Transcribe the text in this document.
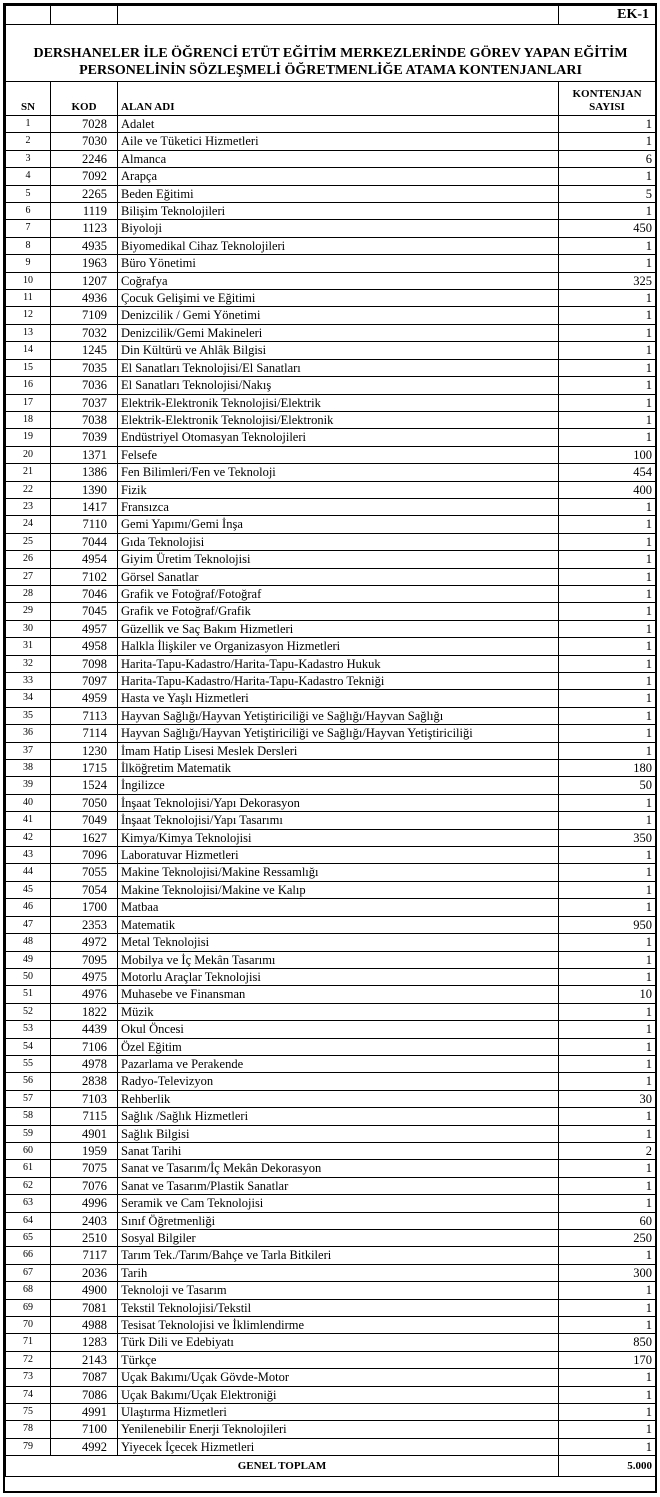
			EK-1
DERSHANELER İLE ÖĞRENCİ ETÜT EĞİTİM MERKEZLERİNDE GÖREV YAPAN EĞİTİM
PERSONELİNİN SÖZLEŞMELİ ÖĞRETMENLİĞE ATAMA KONTENJANLARI			
SN	KOD	ALAN ADI	KONTENJAN
SAYISI
1	7028	Adalet	1
2	7030	Aile ve Tüketici Hizmetleri	1
3	2246	Almanca	6
4	7092	Arapça	1
5	2265	Beden Eğitimi	5
6	1119	Bilişim Teknolojileri	1
7	1123	Biyoloji	450
8	4935	Biyomedikal Cihaz Teknolojileri	1
9	1963	Büro Yönetimi	1
10	1207	Coğrafya	325
11	4936	Çocuk Gelişimi ve Eğitimi	1
12	7109	Denizcilik / Gemi Yönetimi	1
13	7032	Denizcilik/Gemi Makineleri	1
14	1245	Din Kültürü ve Ahlâk Bilgisi	1
15	7035	El Sanatları Teknolojisi/El Sanatları	1
16	7036	El Sanatları Teknolojisi/Nakış	1
17	7037	Elektrik-Elektronik Teknolojisi/Elektrik	1
18	7038	Elektrik-Elektronik Teknolojisi/Elektronik	1
19	7039	Endüstriyel Otomasyan Teknolojileri	1
20	1371	Felsefe	100
21	1386	Fen Bilimleri/Fen ve Teknoloji	454
22	1390	Fizik	400
23	1417	Fransızca	1
24	7110	Gemi Yapımı/Gemi İnşa	1
25	7044	Gıda Teknolojisi	1
26	4954	Giyim Üretim Teknolojisi	1
27	7102	Görsel Sanatlar	1
28	7046	Grafik ve Fotoğraf/Fotoğraf	1
29	7045	Grafik ve Fotoğraf/Grafik	1
30	4957	Güzellik ve Saç Bakım Hizmetleri	1
31	4958	Halkla İlişkiler ve Organizasyon Hizmetleri	1
32	7098	Harita-Tapu-Kadastro/Harita-Tapu-Kadastro Hukuk	1
33	7097	Harita-Tapu-Kadastro/Harita-Tapu-Kadastro Tekniği	1
34	4959	Hasta ve Yaşlı Hizmetleri	1
35	7113	Hayvan Sağlığı/Hayvan Yetiştiriciliği ve Sağlığı/Hayvan Sağlığı	1
36	7114	Hayvan Sağlığı/Hayvan Yetiştiriciliği ve Sağlığı/Hayvan Yetiştiriciliği	1
37	1230	İmam Hatip Lisesi Meslek Dersleri	1
38	1715	İlköğretim Matematik	180
39	1524	İngilizce	50
40	7050	İnşaat Teknolojisi/Yapı Dekorasyon	1
41	7049	İnşaat Teknolojisi/Yapı Tasarımı	1
42	1627	Kimya/Kimya Teknolojisi	350
43	7096	Laboratuvar Hizmetleri	1
44	7055	Makine Teknolojisi/Makine Ressamlığı	1
45	7054	Makine Teknolojisi/Makine ve Kalıp	1
46	1700	Matbaa	1
47	2353	Matematik	950
48	4972	Metal Teknolojisi	1
49	7095	Mobilya ve İç Mekân Tasarımı	1
50	4975	Motorlu Araçlar Teknolojisi	1
51	4976	Muhasebe ve Finansman	10
52	1822	Müzik	1
53	4439	Okul Öncesi	1
54	7106	Özel Eğitim	1
55	4978	Pazarlama ve Perakende	1
56	2838	Radyo-Televizyon	1
57	7103	Rehberlik	30
58	7115	Sağlık /Sağlık Hizmetleri	1
59	4901	Sağlık Bilgisi	1
60	1959	Sanat Tarihi	2
61	7075	Sanat ve Tasarım/İç Mekân Dekorasyon	1
62	7076	Sanat ve Tasarım/Plastik Sanatlar	1
63	4996	Seramik ve Cam Teknolojisi	1
64	2403	Sınıf Öğretmenliği	60
65	2510	Sosyal Bilgiler	250
66	7117	Tarım Tek./Tarım/Bahçe ve Tarla Bitkileri	1
67	2036	Tarih	300
68	4900	Teknoloji ve Tasarım	1
69	7081	Tekstil Teknolojisi/Tekstil	1
70	4988	Tesisat Teknolojisi ve İklimlendirme	1
71	1283	Türk Dili ve Edebiyatı	850
72	2143	Türkçe	170
73	7087	Uçak Bakımı/Uçak Gövde-Motor	1
74	7086	Uçak Bakımı/Uçak Elektroniği	1
75	4991	Ulaştırma Hizmetleri	1
78	7100	Yenilenebilir Enerji Teknolojileri	1
79	4992	Yiyecek İçecek Hizmetleri	1
GENEL TOPLAM			5.000
